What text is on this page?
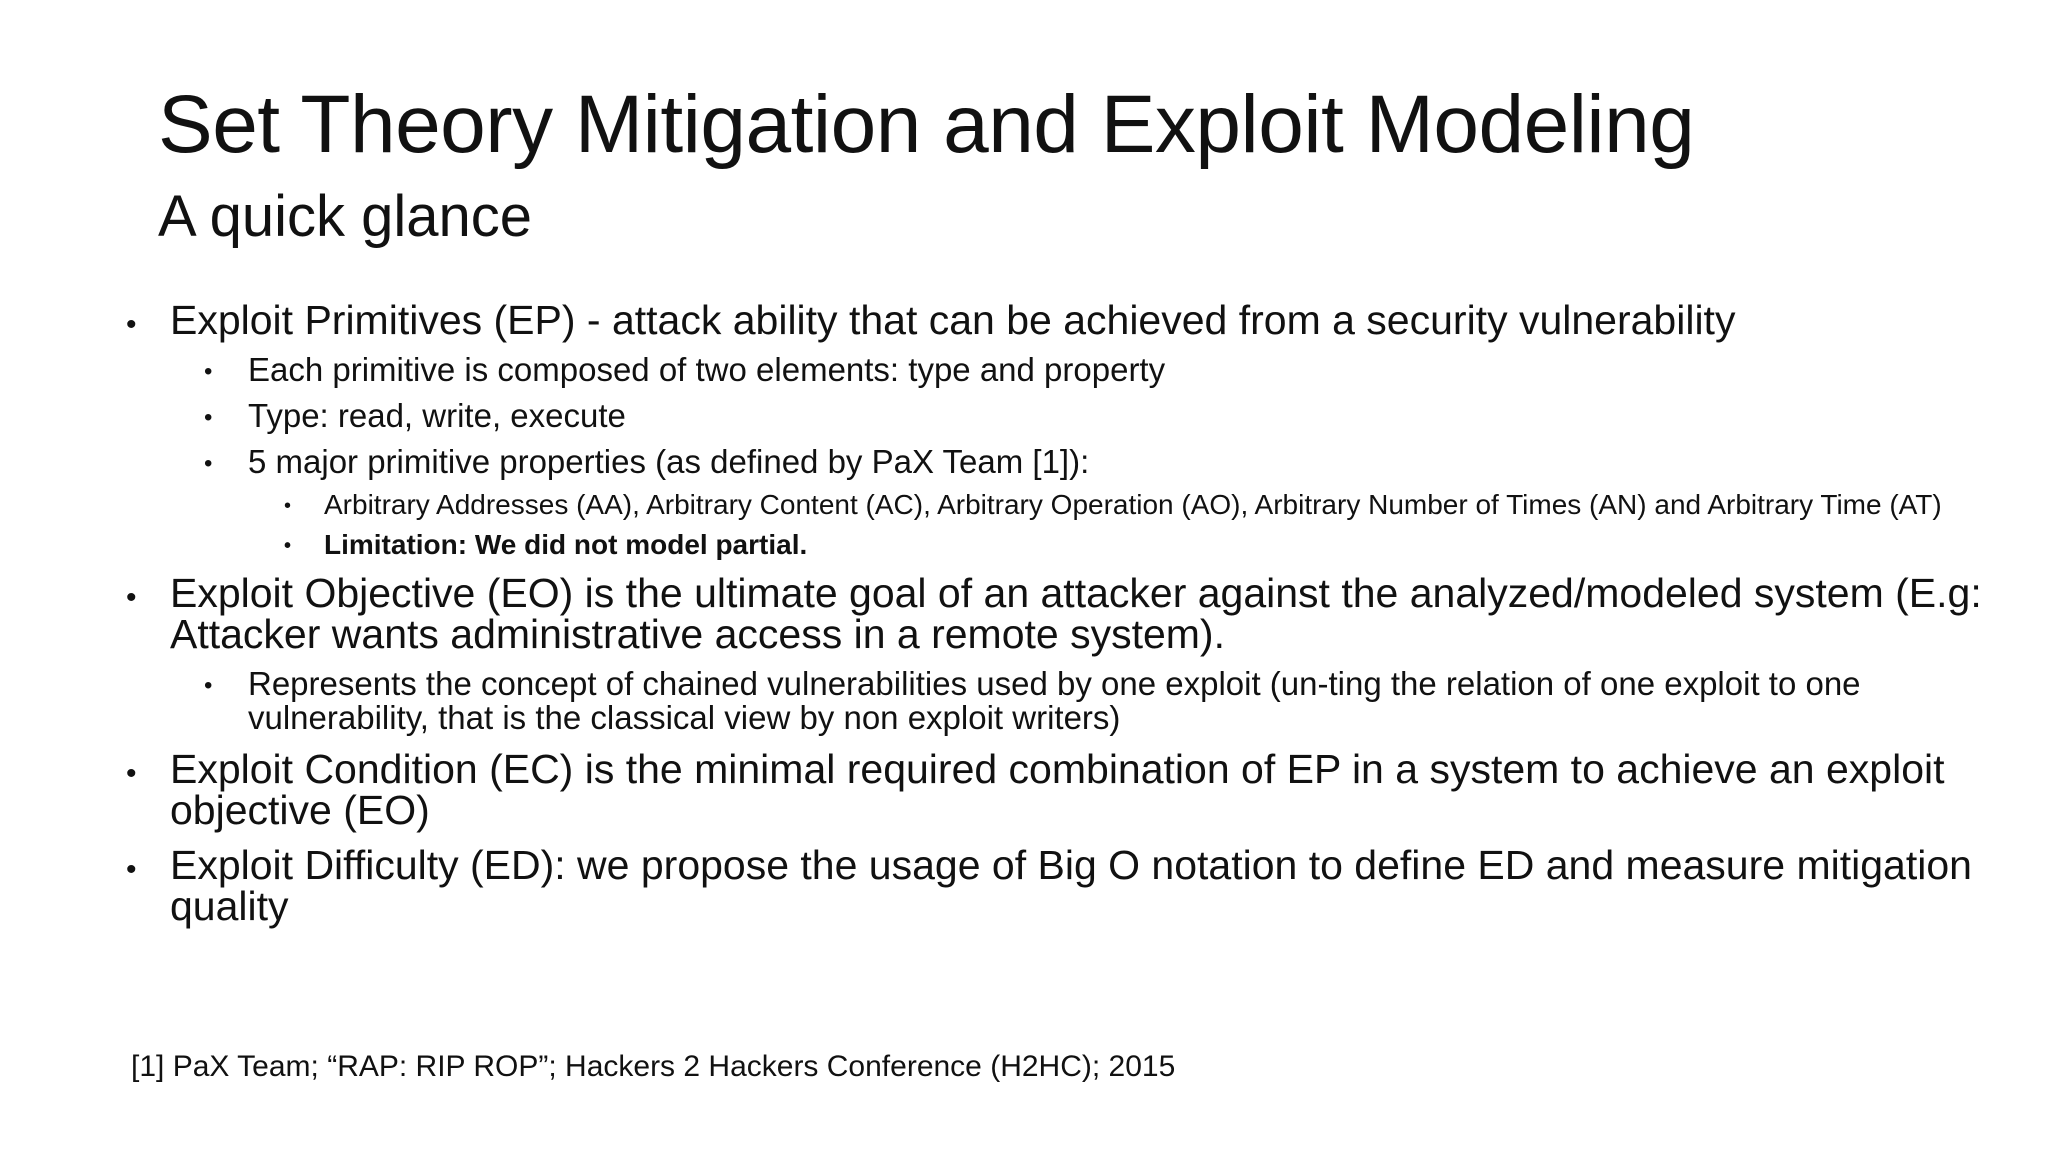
Set Theory Mitigation and Exploit Modeling
A quick glance
• Exploit Primitives (EP) - attack ability that can be achieved from a security vulnerability
• Each primitive is composed of two elements: type and property
• Type: read, write, execute
• 5 major primitive properties (as defined by PaX Team [1]):
• Arbitrary Addresses (AA), Arbitrary Content (AC), Arbitrary Operation (AO), Arbitrary Number of Times (AN) and Arbitrary Time (AT)
• Limitation: We did not model partial.
• Exploit Objective (EO) is the ultimate goal of an attacker against the analyzed/modeled system (E.g: Attacker wants administrative access in a remote system).
• Represents the concept of chained vulnerabilities used by one exploit (un-ting the relation of one exploit to one vulnerability, that is the classical view by non exploit writers)
• Exploit Condition (EC) is the minimal required combination of EP in a system to achieve an exploit objective (EO)
• Exploit Difficulty (ED): we propose the usage of Big O notation to define ED and measure mitigation quality
[1] PaX Team; “RAP: RIP ROP”; Hackers 2 Hackers Conference (H2HC); 2015
